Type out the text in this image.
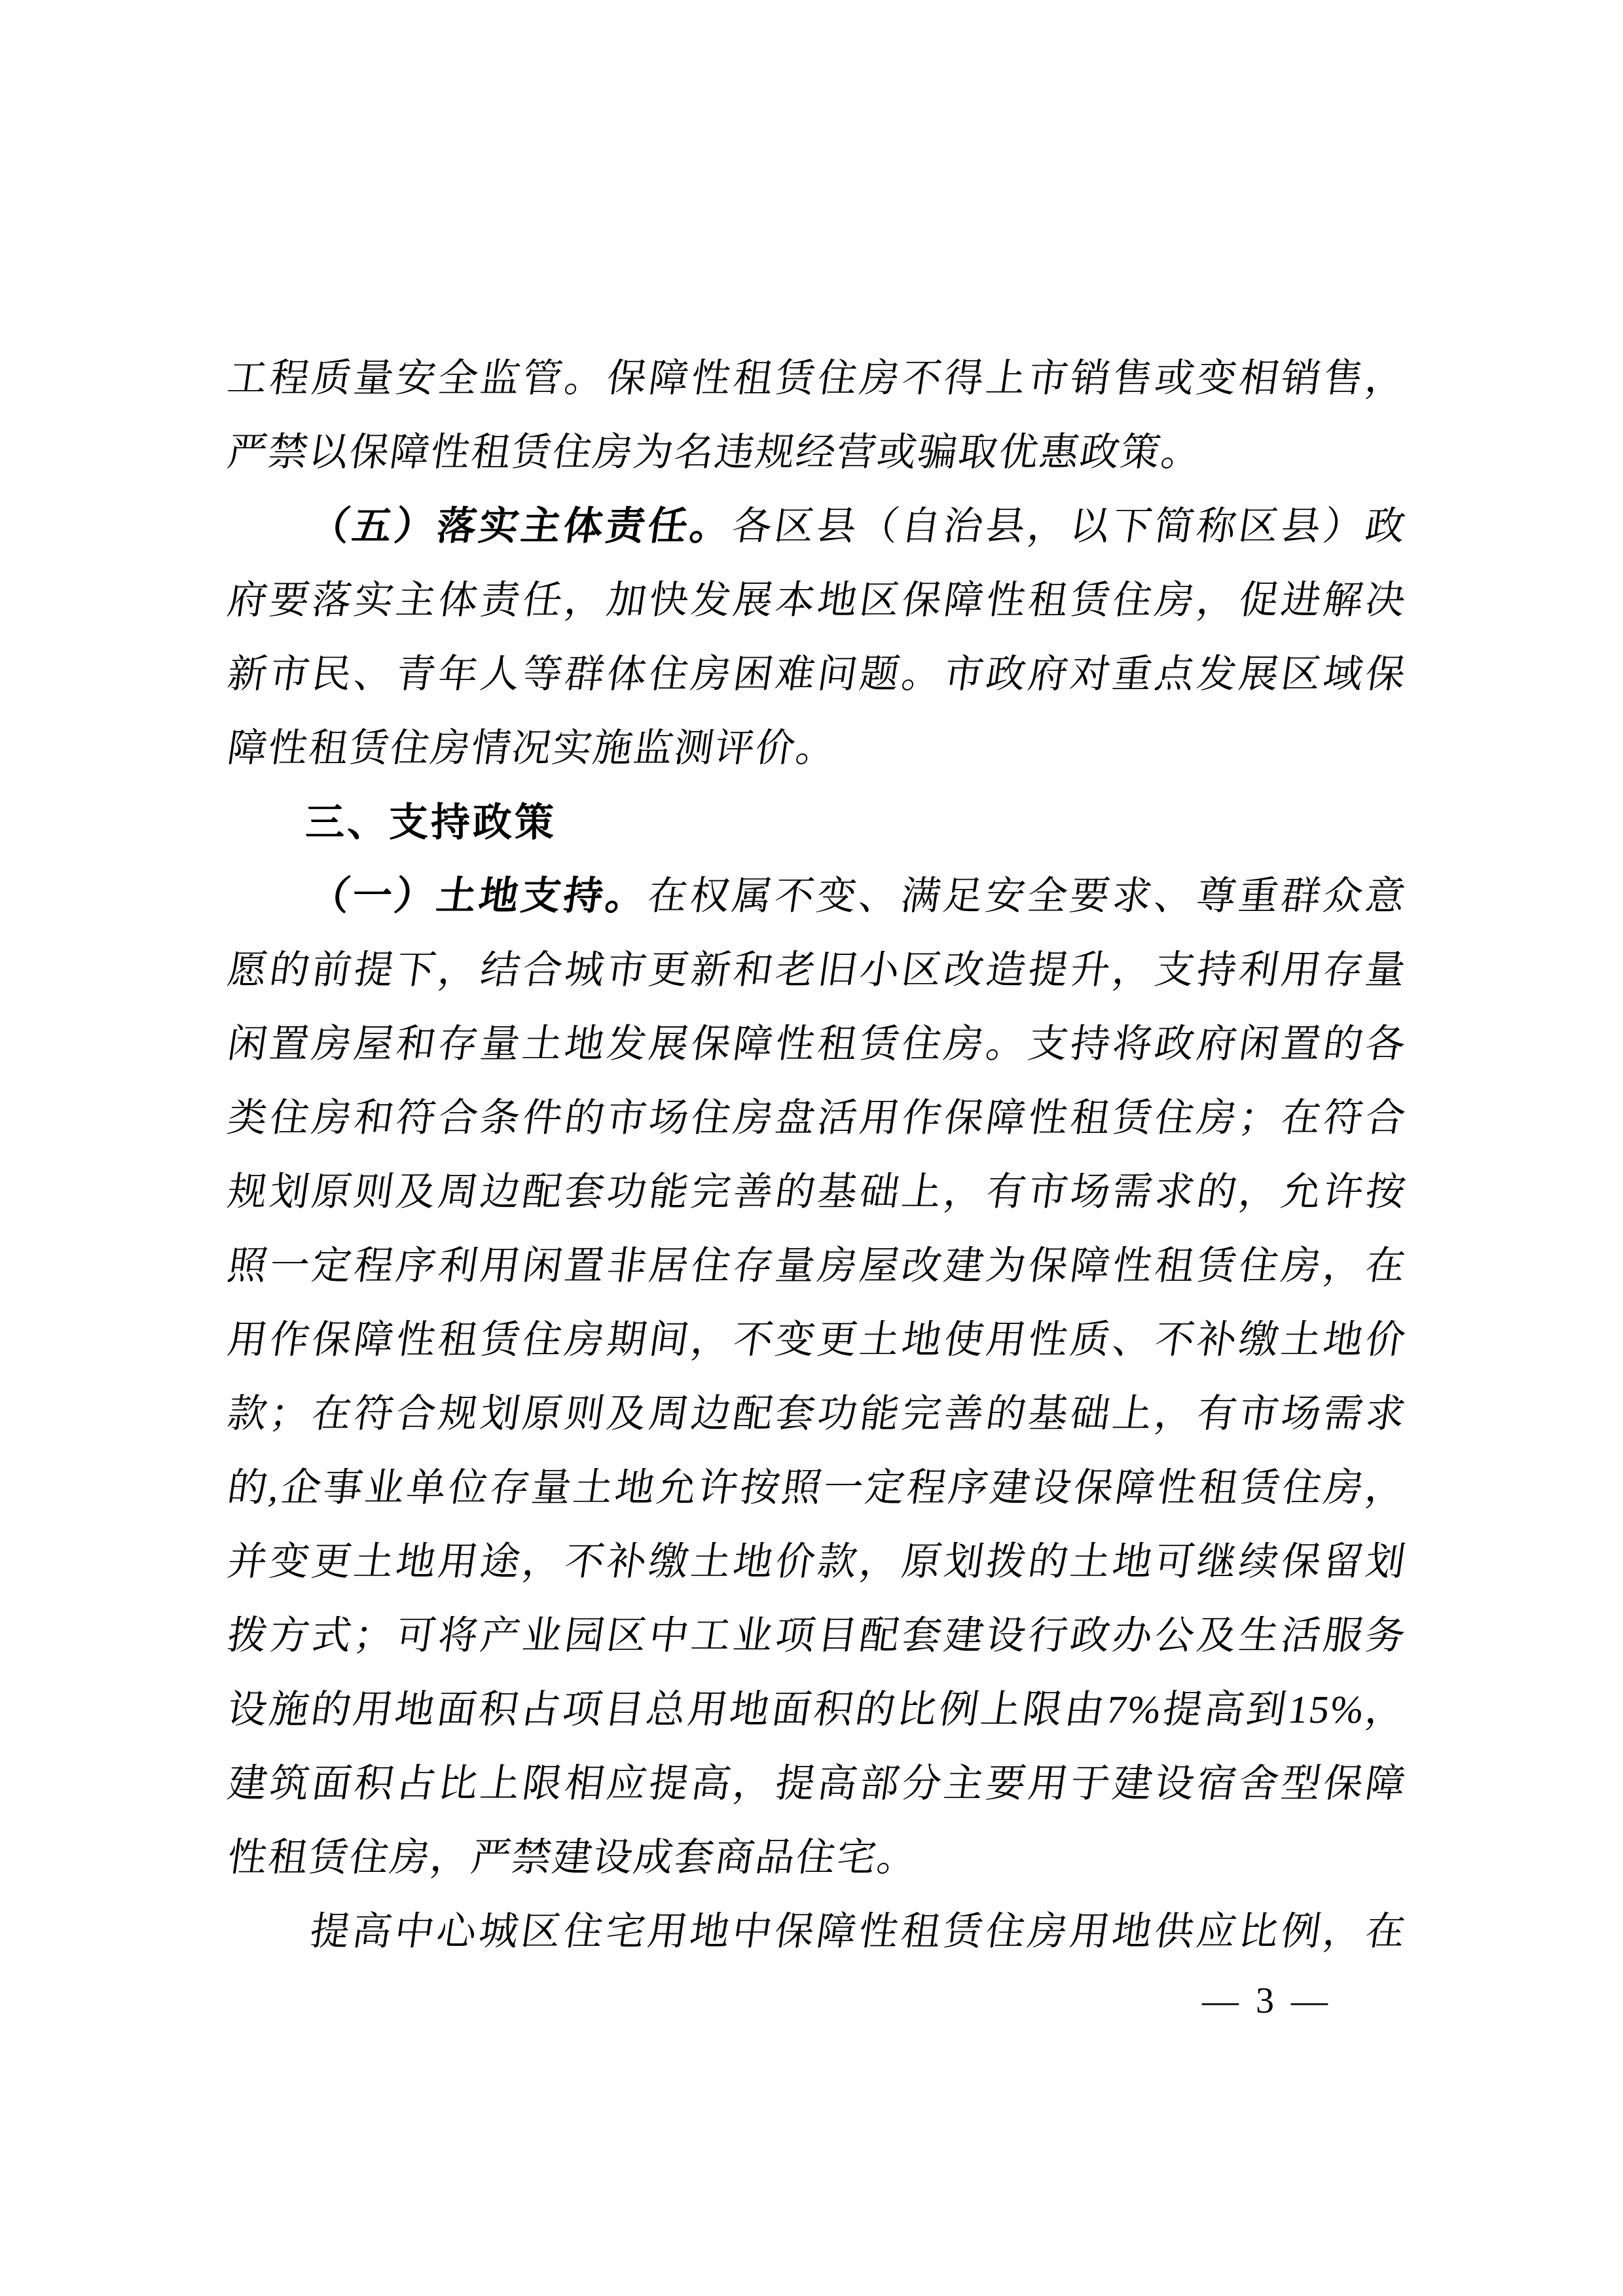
工程质量安全监管。保障性租赁住房不得上市销售或变相销售，
严禁以保障性租赁住房为名违规经营或骗取优惠政策。
（五）落实主体责任。各区县（自治县，以下简称区县）政
府要落实主体责任，加快发展本地区保障性租赁住房，促进解决
新市民、青年人等群体住房困难问题。市政府对重点发展区域保
障性租赁住房情况实施监测评价。
三、支持政策
（一）土地支持。在权属不变、满足安全要求、尊重群众意
愿的前提下，结合城市更新和老旧小区改造提升，支持利用存量
闲置房屋和存量土地发展保障性租赁住房。支持将政府闲置的各
类住房和符合条件的市场住房盘活用作保障性租赁住房；在符合
规划原则及周边配套功能完善的基础上，有市场需求的，允许按
照一定程序利用闲置非居住存量房屋改建为保障性租赁住房，在
用作保障性租赁住房期间，不变更土地使用性质、不补缴土地价
款；在符合规划原则及周边配套功能完善的基础上，有市场需求
的,企事业单位存量土地允许按照一定程序建设保障性租赁住房，
并变更土地用途，不补缴土地价款，原划拨的土地可继续保留划
拨方式；可将产业园区中工业项目配套建设行政办公及生活服务
设施的用地面积占项目总用地面积的比例上限由7%提高到15%，
建筑面积占比上限相应提高，提高部分主要用于建设宿舍型保障
性租赁住房，严禁建设成套商品住宅。
提高中心城区住宅用地中保障性租赁住房用地供应比例，在
— 3 —
